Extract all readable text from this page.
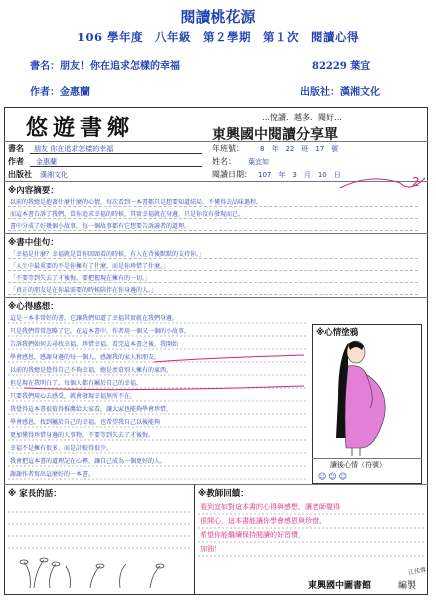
閱讀桃花源
106 學年度　八年級　第２學期　第１次　閱讀心得
書名：朋友！你在追求怎樣的幸福	82229 葉宜
作者：金惠蘭	出版社：漢湘文化
悠遊書鄉	…悅讀．越多．閱好…
東興國中閱讀分享單
書名 朋友 你在追求怎樣的幸福	年班號： 8　年　22　班　17　號
作者 金惠蘭	姓名： 葉宜如
出版社 漢湘文化	閱讀日期： 107　年　3　月　10　日
※內容摘要：
以前的我總是抱著什麼什麼的心情，每次看到一本書都只是想要知道結局，不懂得去品味過程。
而這本書告訴了我們，當你追求幸福的時候，其實幸福就在身邊，只是你沒有發現而已。
書中分成了好幾個小故事，每一個故事都有它想要告訴讀者的道理。
※書中佳句：
「幸福是什麼？幸福就是當你回頭看的時候，有人在背後默默的支持你。」
「人生中最重要的不是你擁有了什麼，而是你珍惜了什麼。」
「不要等到失去了才後悔，要把握現在擁有的一切。」
「真正的朋友是在你最需要的時候陪伴在你身邊的人。」
※心得感想：
這是一本非常好的書，它讓我們知道了幸福其實就在我們身邊，
只是我們常常忽略了它。在這本書中，作者用一個又一個的小故事，
告訴我們如何去尋找幸福、珍惜幸福。看完這本書之後，我開始
學會感恩，感謝身邊的每一個人，感謝我的家人和朋友。
以前的我總是覺得自己不夠幸福，總是羨慕別人擁有的東西，
但是現在我明白了，每個人都有屬於自己的幸福，
只要我們用心去感受，就會發現幸福無所不在。
我覺得這本書很值得推薦給大家看，讓大家也能夠學會珍惜，
學會感恩，找到屬於自己的幸福。也希望我自己以後能夠
更加懂得珍惜身邊的人事物，不要等到失去了才後悔。
幸福不是擁有很多，而是計較得很少。
我會把這本書的道理記在心裡，讓自己成為一個更好的人。
謝謝作者寫出這麼好的一本書。
※心情塗鴉
讀後心情（符號）
☺☺☺
※ 家長的話：	※教師回饋：
看到宜如對這本書的心得與感想，讓老師覺得
很開心，這本書能讓你學會感恩與珍惜，
希望你能繼續保持閱讀的好習慣，
加油！
東興國中圖書館	編製
江佳蓉
2
